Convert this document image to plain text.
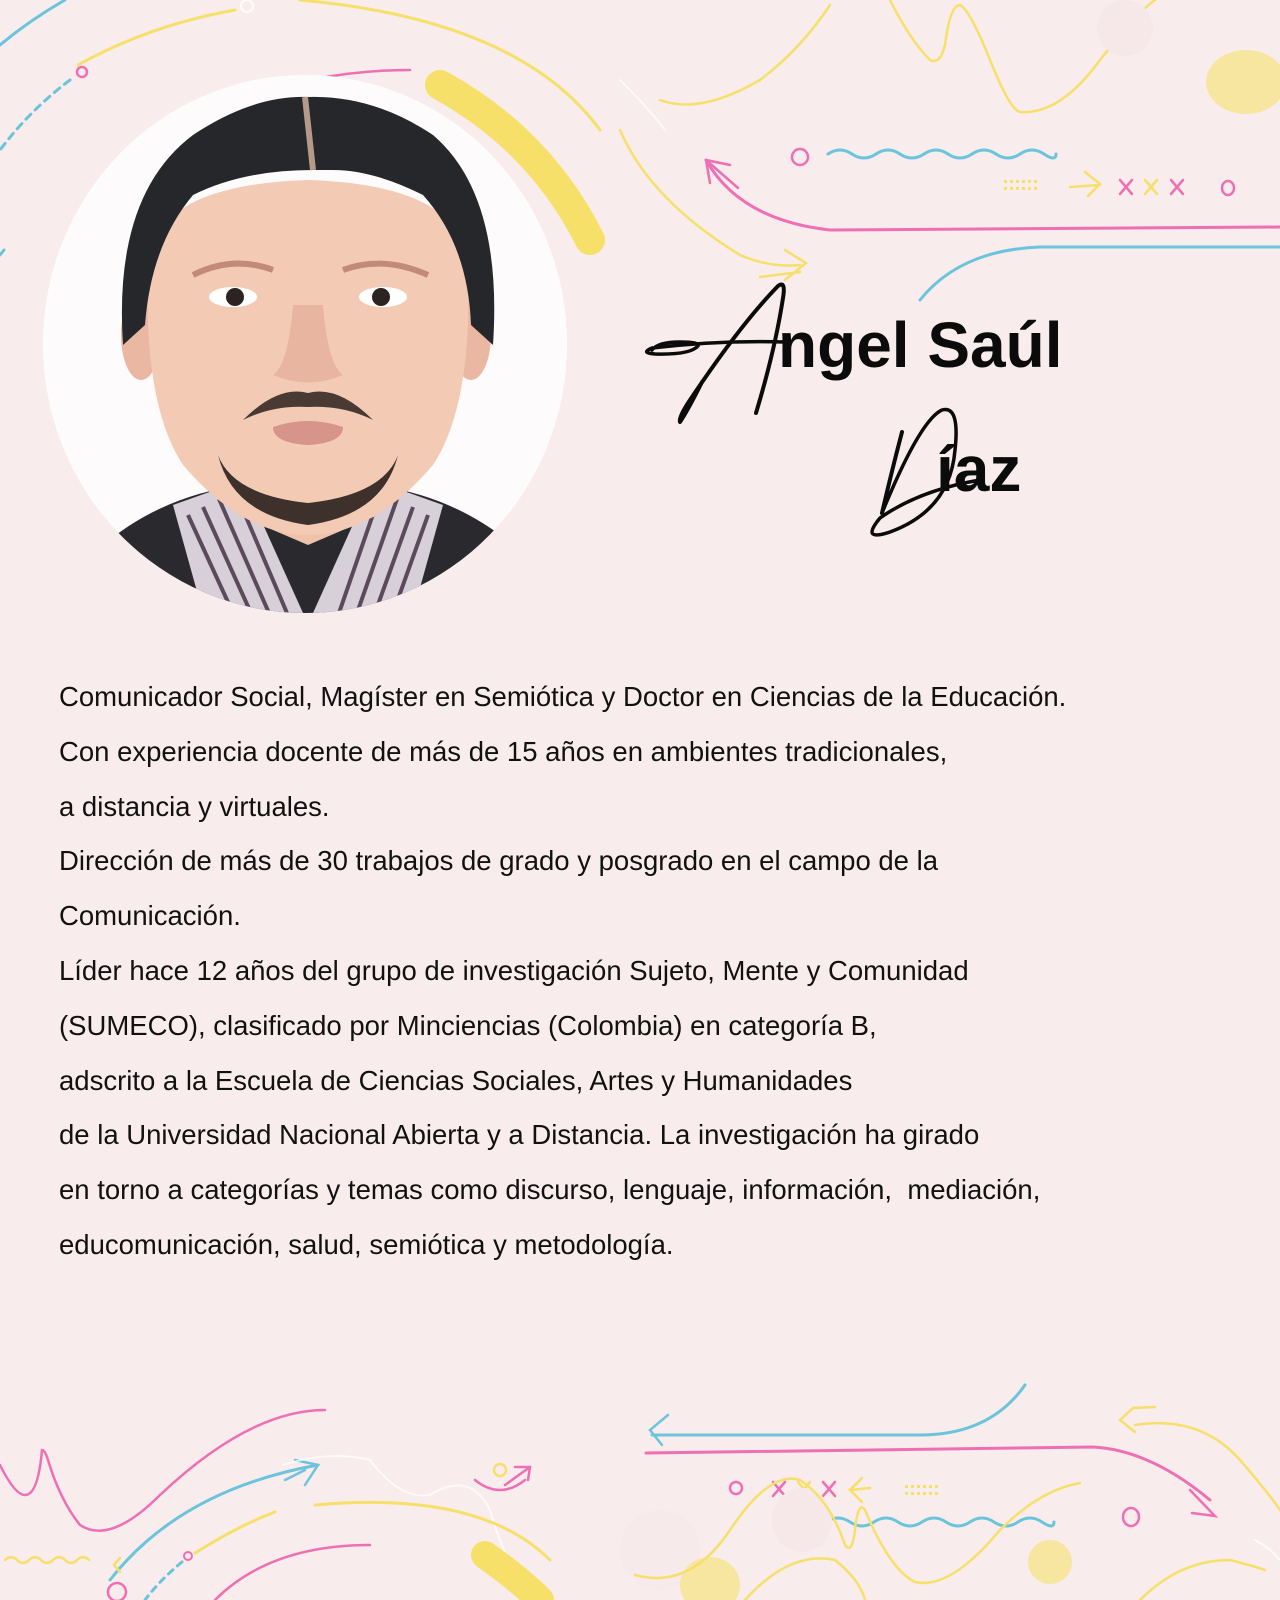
ngel Saúl
íaz
Comunicador Social, Magíster en Semiótica y Doctor en Ciencias de la Educación.
Con experiencia docente de más de 15 años en ambientes tradicionales,
a distancia y virtuales.
Dirección de más de 30 trabajos de grado y posgrado en el campo de la
Comunicación.
Líder hace 12 años del grupo de investigación Sujeto, Mente y Comunidad
(SUMECO), clasificado por Minciencias (Colombia) en categoría B,
adscrito a la Escuela de Ciencias Sociales, Artes y Humanidades
de la Universidad Nacional Abierta y a Distancia. La investigación ha girado
en torno a categorías y temas como discurso, lenguaje, información,  mediación,
educomunicación, salud, semiótica y metodología.
